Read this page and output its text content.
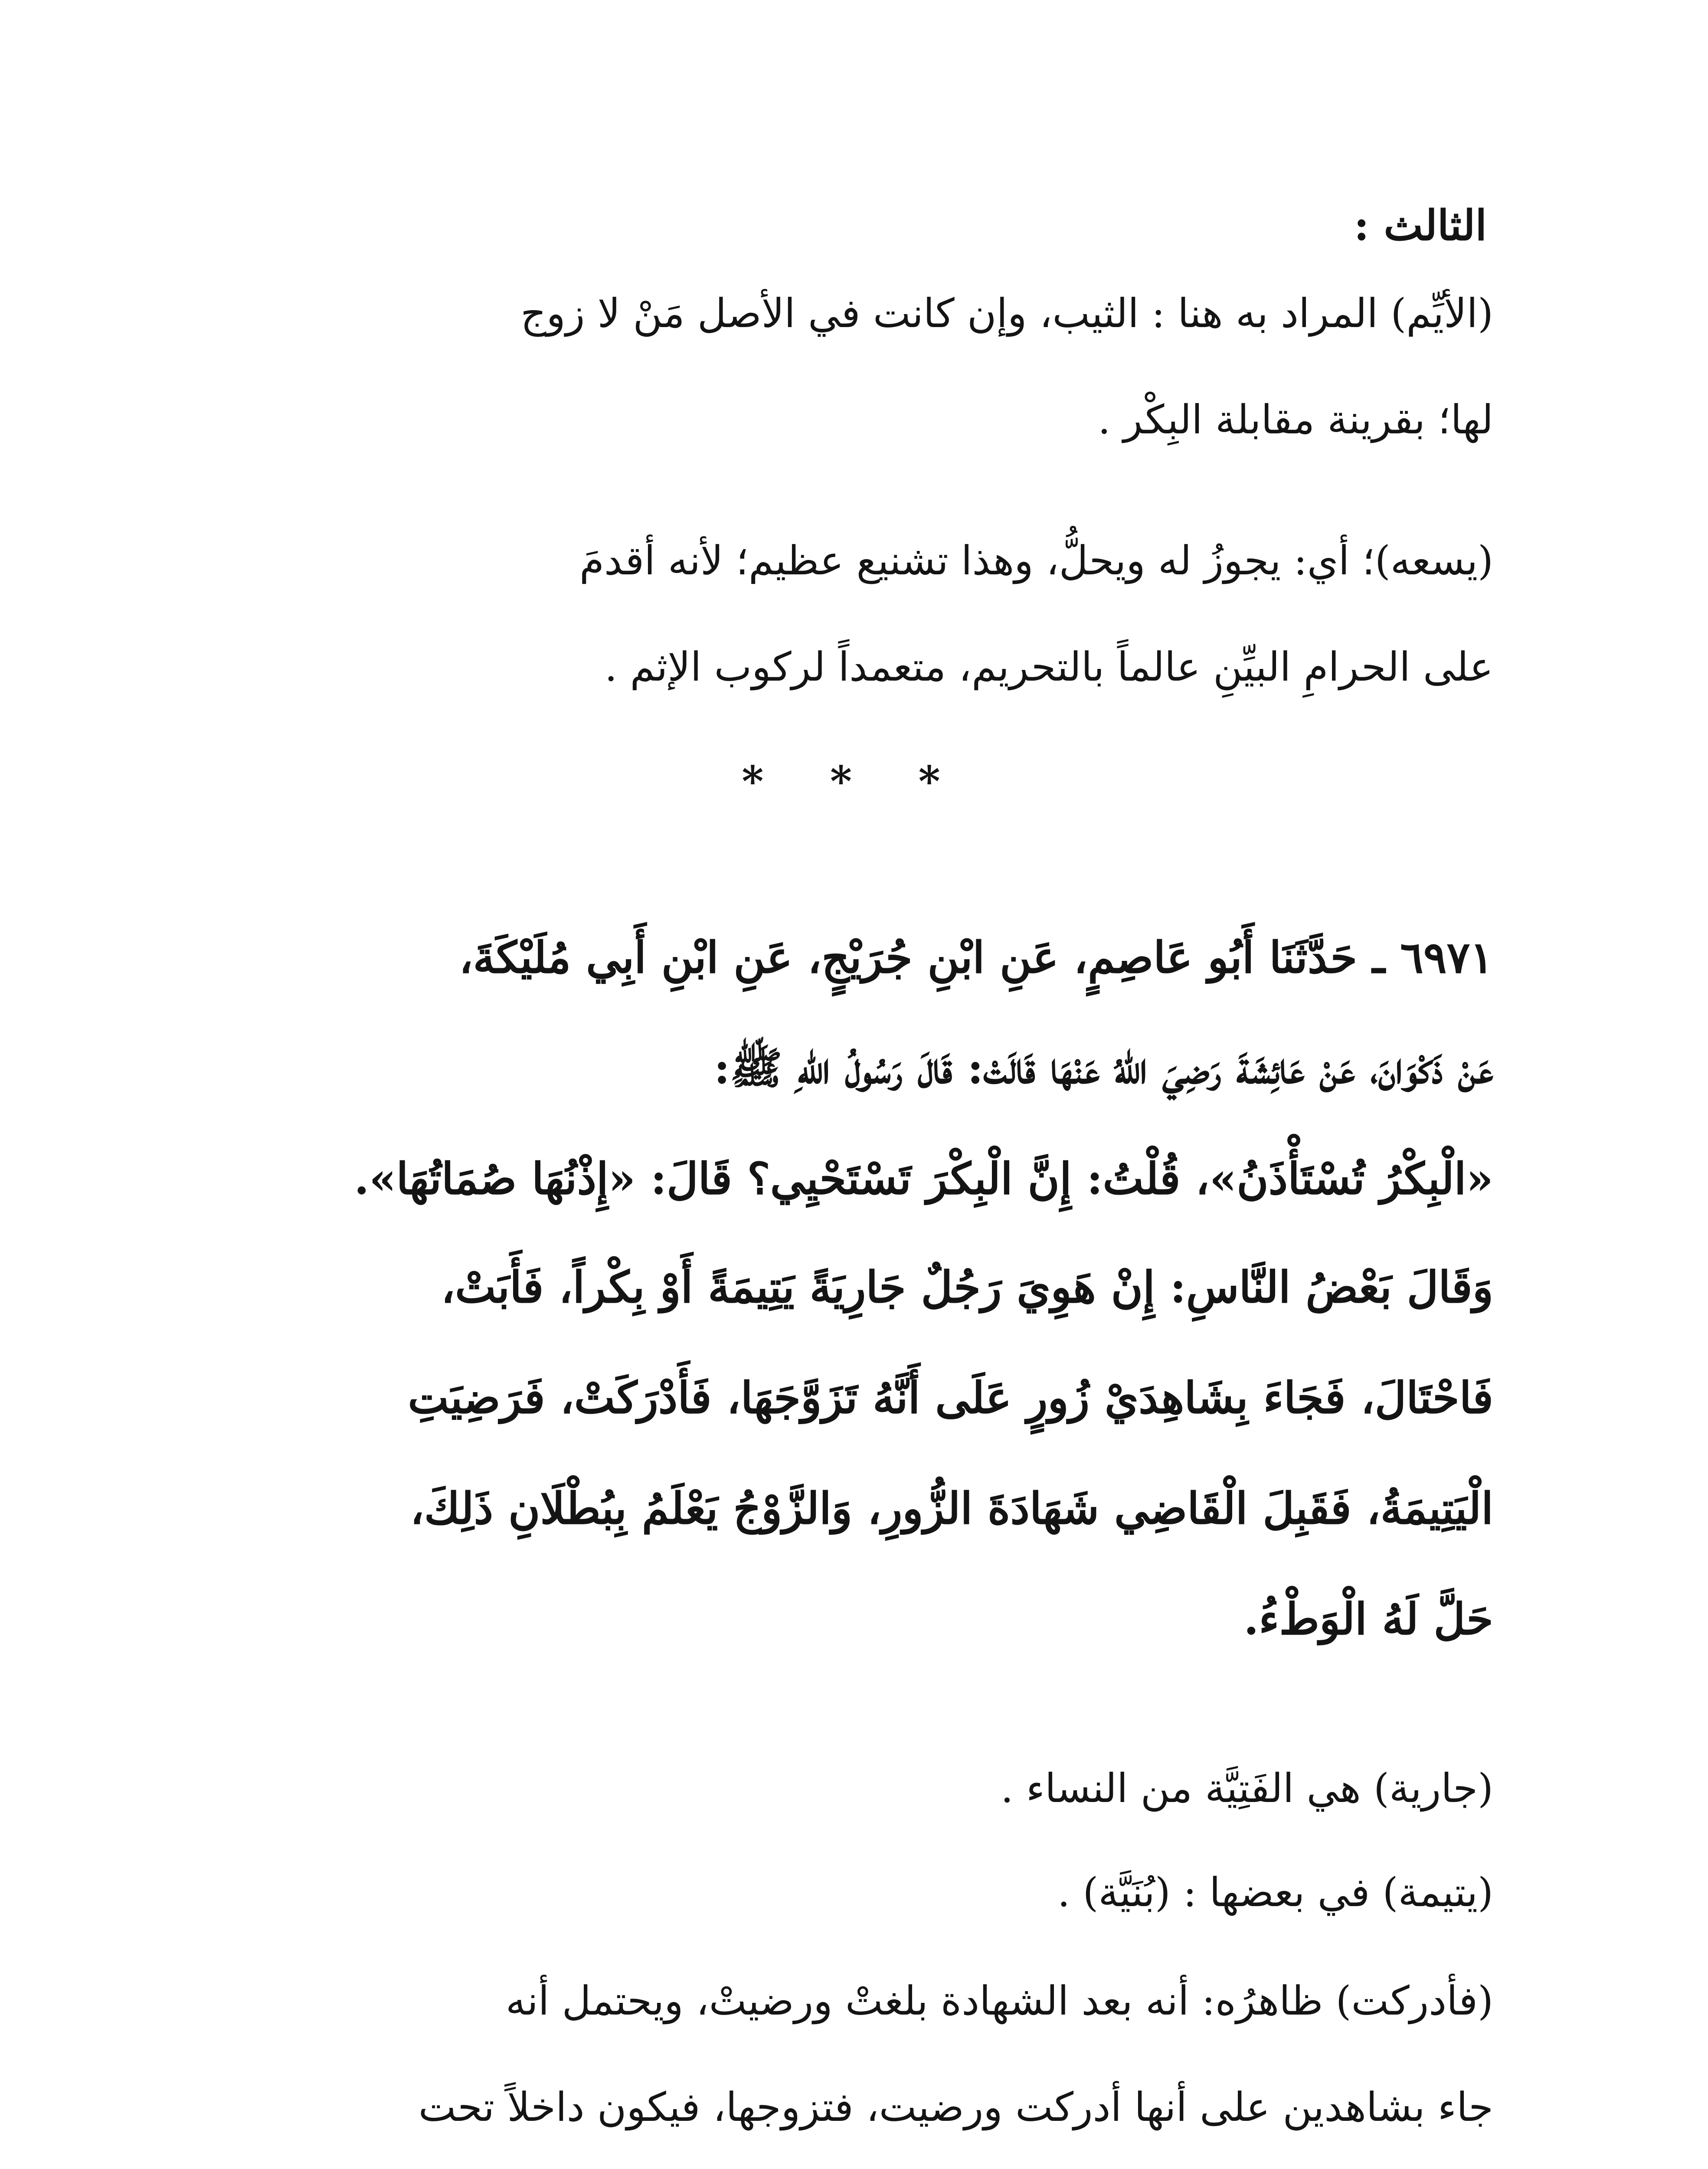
الثالث :
(الأيِّم) المراد به هنا : الثيب، وإن كانت في الأصل مَنْ لا زوج
لها؛ بقرينة مقابلة البِكْر .
(يسعه)؛ أي: يجوزُ له ويحلُّ، وهذا تشنيع عظيم؛ لأنه أقدمَ
على الحرامِ البيِّنِ عالماً بالتحريم، متعمداً لركوب الإثم .
* * *
٦٩٧١ ـ حَدَّثَنَا أَبُو عَاصِمٍ، عَنِ ابْنِ جُرَيْجٍ، عَنِ ابْنِ أَبِي مُلَيْكَةَ،
عَنْ ذَكْوَانَ، عَنْ عَائِشَةَ رَضِيَ اللهُ عَنْهَا قَالَتْ: قَالَ رَسُولُ اللهِ ﷺ:
«الْبِكْرُ تُسْتَأْذَنُ»، قُلْتُ: إِنَّ الْبِكْرَ تَسْتَحْيِي؟ قَالَ: «إِذْنُهَا صُمَاتُهَا».
وَقَالَ بَعْضُ النَّاسِ: إِنْ هَوِيَ رَجُلٌ جَارِيَةً يَتِيمَةً أَوْ بِكْراً، فَأَبَتْ،
فَاحْتَالَ، فَجَاءَ بِشَاهِدَيْ زُورٍ عَلَى أَنَّهُ تَزَوَّجَهَا، فَأَدْرَكَتْ، فَرَضِيَتِ
الْيَتِيمَةُ، فَقَبِلَ الْقَاضِي شَهَادَةَ الزُّورِ، وَالزَّوْجُ يَعْلَمُ بِبُطْلَانِ ذَلِكَ،
حَلَّ لَهُ الْوَطْءُ.
(جارية) هي الفَتِيَّة من النساء .
(يتيمة) في بعضها : (بُنَيَّة) .
(فأدركت) ظاهرُه: أنه بعد الشهادة بلغتْ ورضيتْ، ويحتمل أنه
جاء بشاهدين على أنها أدركت ورضيت، فتزوجها، فيكون داخلاً تحت
